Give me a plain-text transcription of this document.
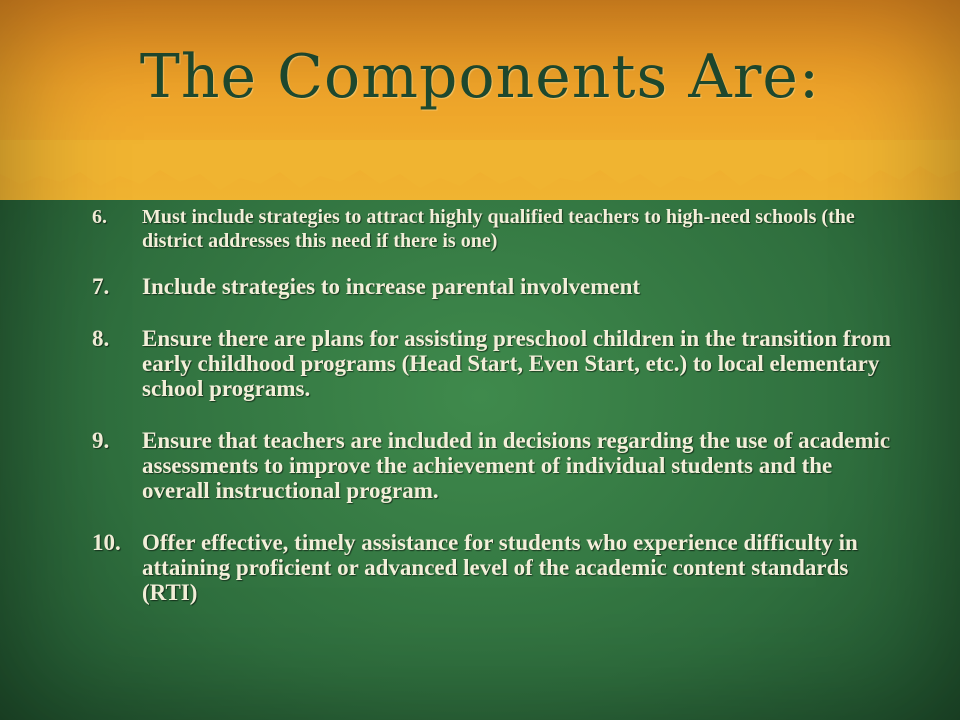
The Components Are:
6.	Must include strategies to attract highly qualified teachers to high-need schools (the district addresses this need if there is one)
7.	Include strategies to increase parental involvement
8.	Ensure there are plans for assisting preschool children in the transition from early childhood programs (Head Start, Even Start, etc.) to local elementary school programs.
9.	Ensure that teachers are included in decisions regarding the use of academic assessments to improve the achievement of individual students and the overall instructional program.
10. Offer effective, timely assistance for students who experience difficulty in attaining proficient or advanced level of the academic content standards (RTI)
